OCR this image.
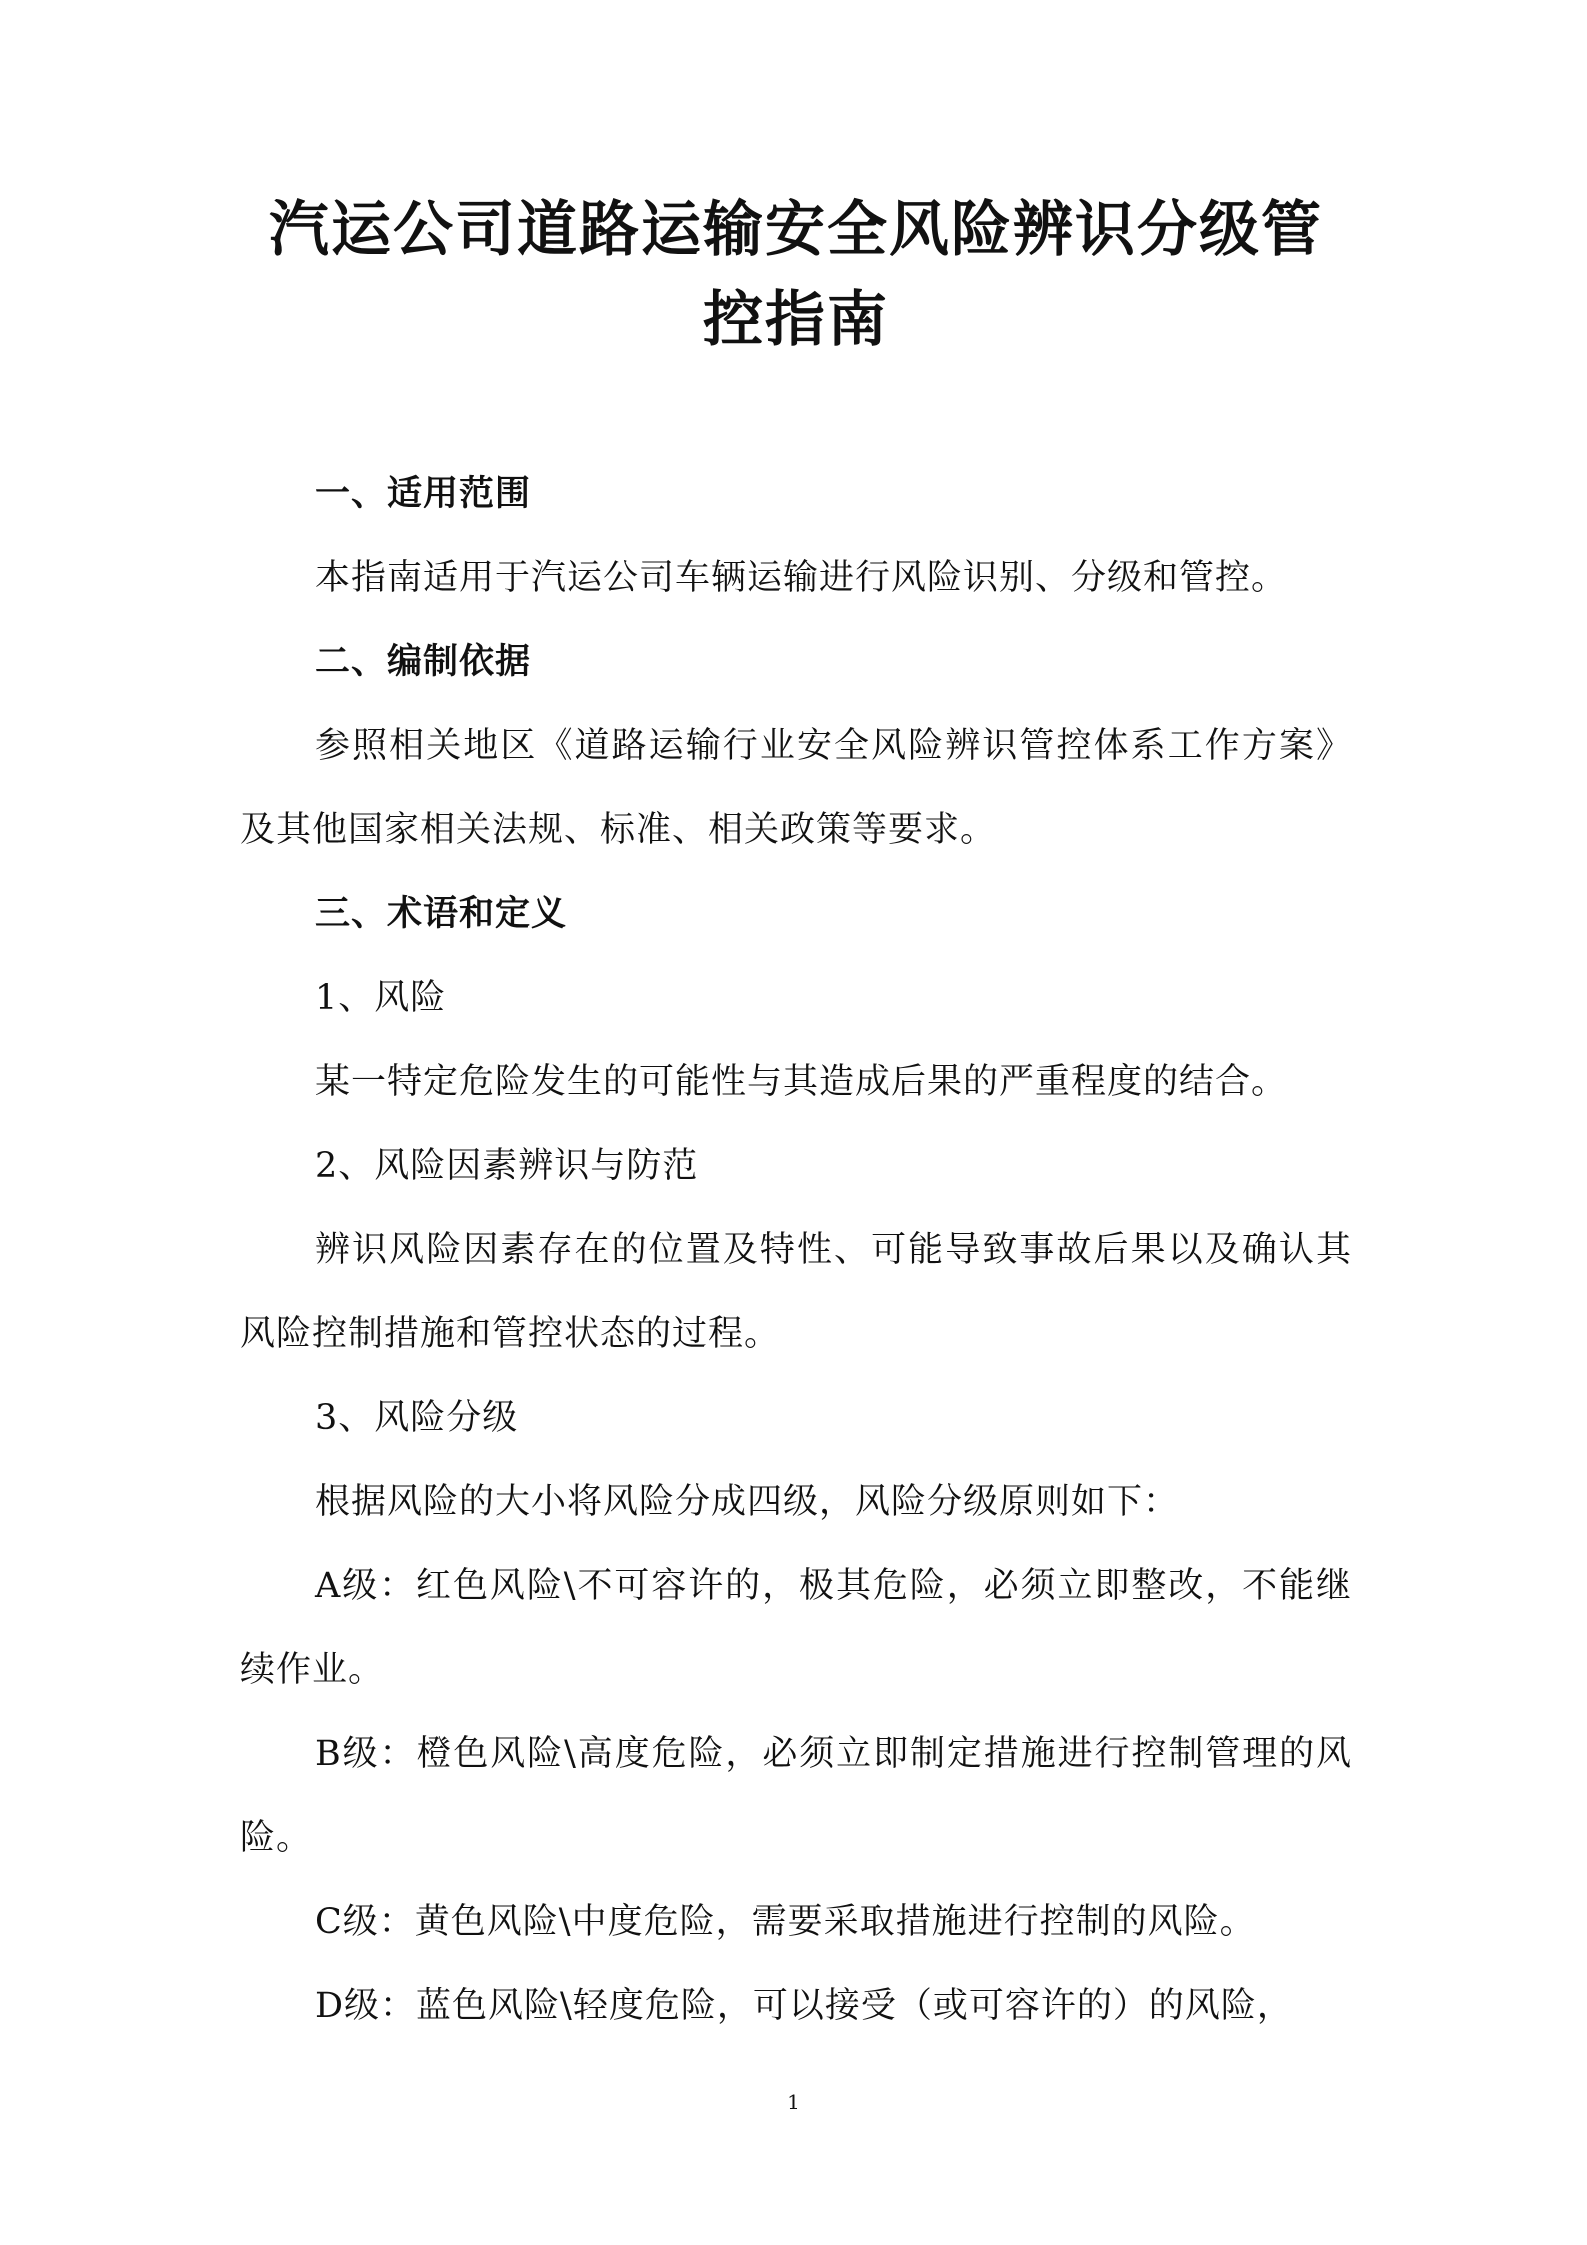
汽运公司道路运输安全风险辨识分级管控指南

一、适用范围

本指南适用于汽运公司车辆运输进行风险识别、分级和管控。

二、编制依据

参照相关地区《道路运输行业安全风险辨识管控体系工作方案》及其他国家相关法规、标准、相关政策等要求。

三、术语和定义

1、风险

某一特定危险发生的可能性与其造成后果的严重程度的结合。

2、风险因素辨识与防范

辨识风险因素存在的位置及特性、可能导致事故后果以及确认其风险控制措施和管控状态的过程。

3、风险分级

根据风险的大小将风险分成四级，风险分级原则如下：

A级：红色风险\不可容许的，极其危险，必须立即整改，不能继续作业。

B级：橙色风险\高度危险，必须立即制定措施进行控制管理的风险。

C级：黄色风险\中度危险，需要采取措施进行控制的风险。

D级：蓝色风险\轻度危险，可以接受（或可容许的）的风险，

1
